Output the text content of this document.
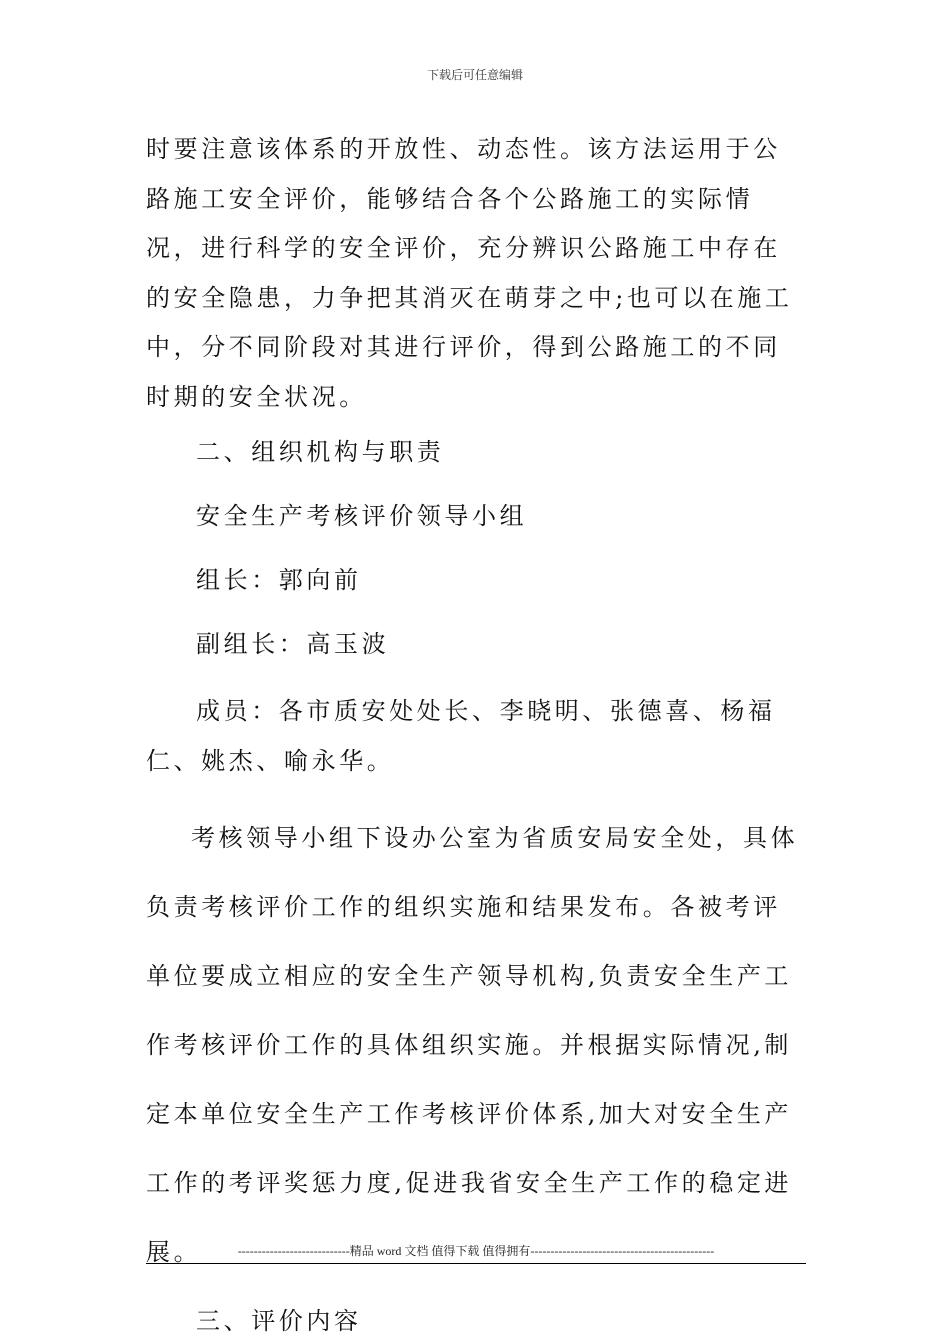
下载后可任意编辑

时要注意该体系的开放性、动态性。该方法运用于公路施工安全评价，能够结合各个公路施工的实际情况，进行科学的安全评价，充分辨识公路施工中存在的安全隐患，力争把其消灭在萌芽之中;也可以在施工中，分不同阶段对其进行评价，得到公路施工的不同时期的安全状况。

二、组织机构与职责

安全生产考核评价领导小组

组长：郭向前

副组长：高玉波

成员：各市质安处处长、李晓明、张德喜、杨福仁、姚杰、喻永华。

考核领导小组下设办公室为省质安局安全处，具体负责考核评价工作的组织实施和结果发布。各被考评单位要成立相应的安全生产领导机构,负责安全生产工作考核评价工作的具体组织实施。并根据实际情况,制定本单位安全生产工作考核评价体系,加大对安全生产工作的考评奖惩力度,促进我省安全生产工作的稳定进展。

三、评价内容

----------------------------精品 word 文档 值得下载 值得拥有----------------------------------------------
